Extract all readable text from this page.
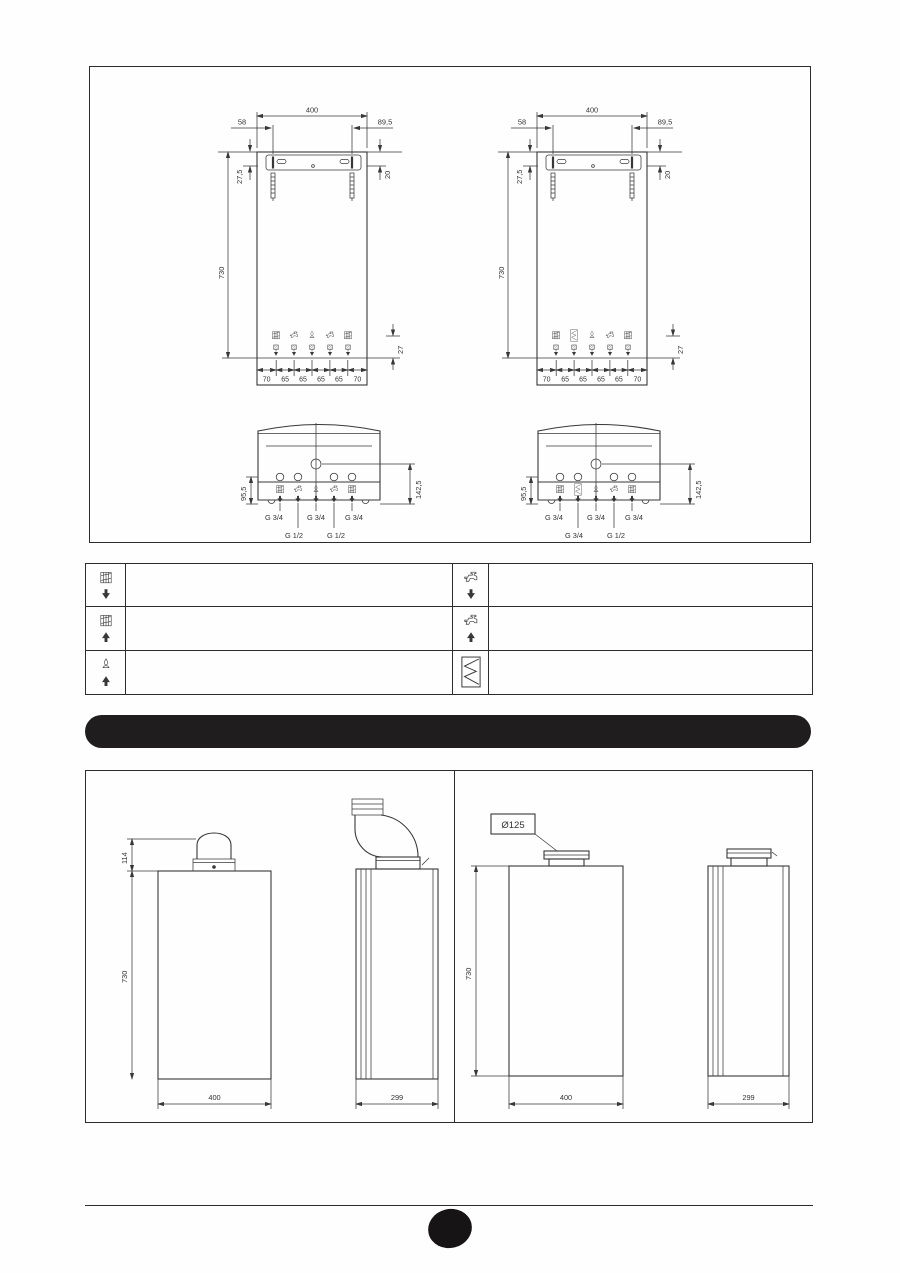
400
58	89,5
27,5	20
730
27
70 65 65 65 65 70
400
58	89,5
27,5	20
730
27
70 65 65 65 65 70
95,5	142,5
G 3/4	G 3/4	G 3/4
G 1/2	G 1/2
95,5	142,5
G 3/4	G 3/4	G 3/4
G 3/4	G 1/2
114
730
400	299
Ø125
730
400	299
